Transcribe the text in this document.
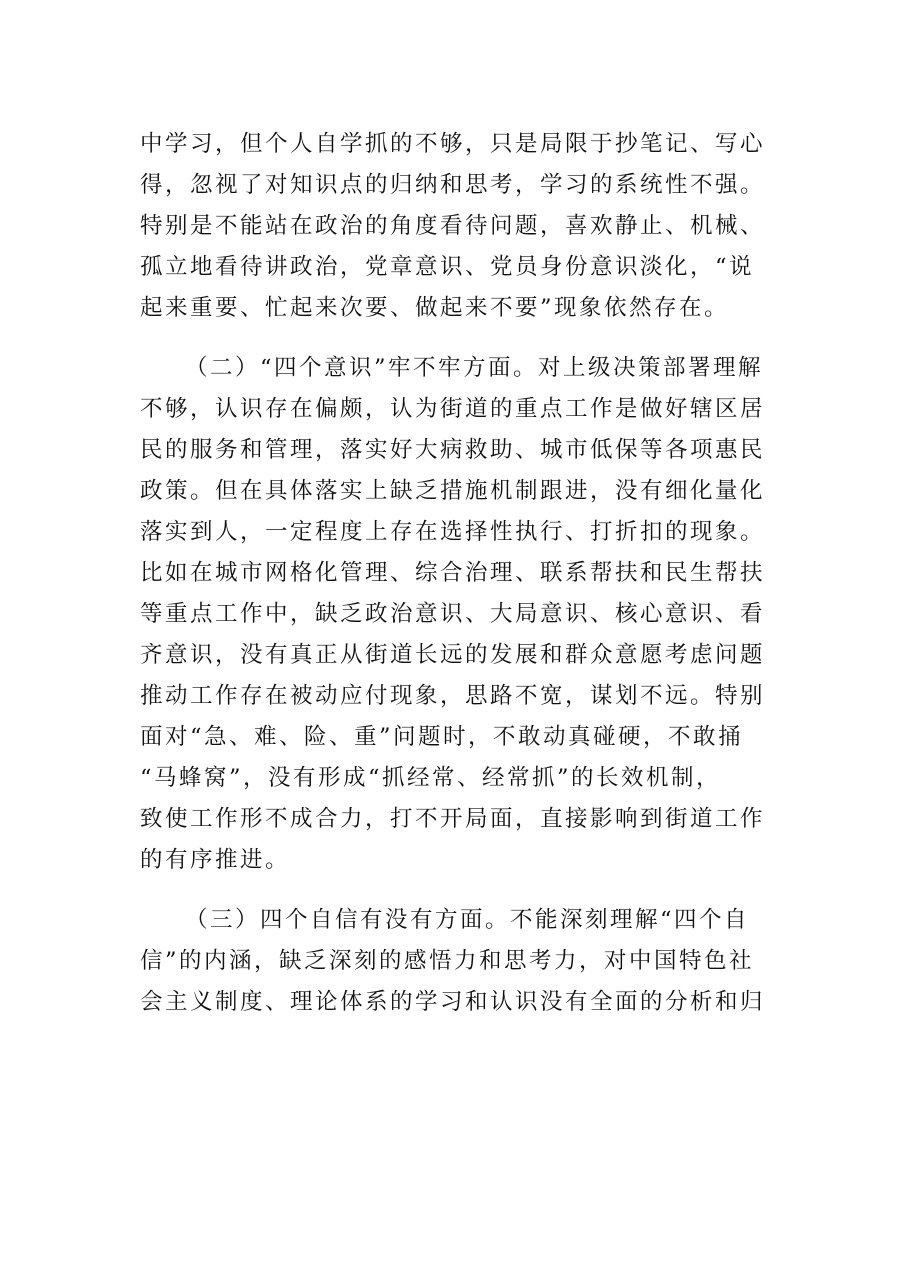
中学习，但个人自学抓的不够，只是局限于抄笔记、写心
得，忽视了对知识点的归纳和思考，学习的系统性不强。
特别是不能站在政治的角度看待问题，喜欢静止、机械、
孤立地看待讲政治，党章意识、党员身份意识淡化，“说
起来重要、忙起来次要、做起来不要”现象依然存在。

（二）“四个意识”牢不牢方面。对上级决策部署理解
不够，认识存在偏颇，认为街道的重点工作是做好辖区居
民的服务和管理，落实好大病救助、城市低保等各项惠民
政策。但在具体落实上缺乏措施机制跟进，没有细化量化
落实到人，一定程度上存在选择性执行、打折扣的现象。
比如在城市网格化管理、综合治理、联系帮扶和民生帮扶
等重点工作中，缺乏政治意识、大局意识、核心意识、看
齐意识，没有真正从街道长远的发展和群众意愿考虑问题
推动工作存在被动应付现象，思路不宽，谋划不远。特别
面对“急、难、险、重”问题时，不敢动真碰硬，不敢捅
“马蜂窝”，没有形成“抓经常、经常抓”的长效机制，
致使工作形不成合力，打不开局面，直接影响到街道工作
的有序推进。

（三）四个自信有没有方面。不能深刻理解“四个自
信”的内涵，缺乏深刻的感悟力和思考力，对中国特色社
会主义制度、理论体系的学习和认识没有全面的分析和归
